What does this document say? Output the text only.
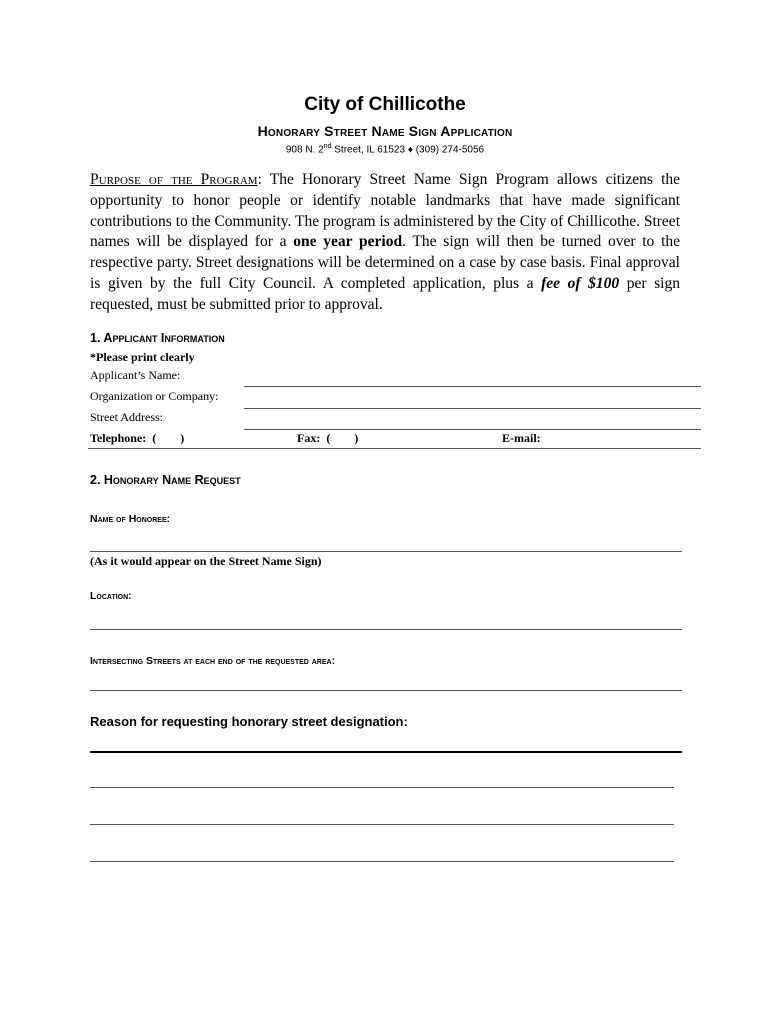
City of Chillicothe
Honorary Street Name Sign Application
908 N. 2nd Street, IL 61523 ♦ (309) 274-5056
Purpose of the Program: The Honorary Street Name Sign Program allows citizens the opportunity to honor people or identify notable landmarks that have made significant contributions to the Community. The program is administered by the City of Chillicothe. Street names will be displayed for a one year period. The sign will then be turned over to the respective party. Street designations will be determined on a case by case basis. Final approval is given by the full City Council. A completed application, plus a fee of $100 per sign requested, must be submitted prior to approval.
1. Applicant Information
*Please print clearly
Applicant’s Name:
Organization or Company:
Street Address:
Telephone:  (        )	Fax:  (        )	E-mail:
2. Honorary Name Request
Name of Honoree:
(As it would appear on the Street Name Sign)
Location:
Intersecting Streets at each end of the requested area:
Reason for requesting honorary street designation:
